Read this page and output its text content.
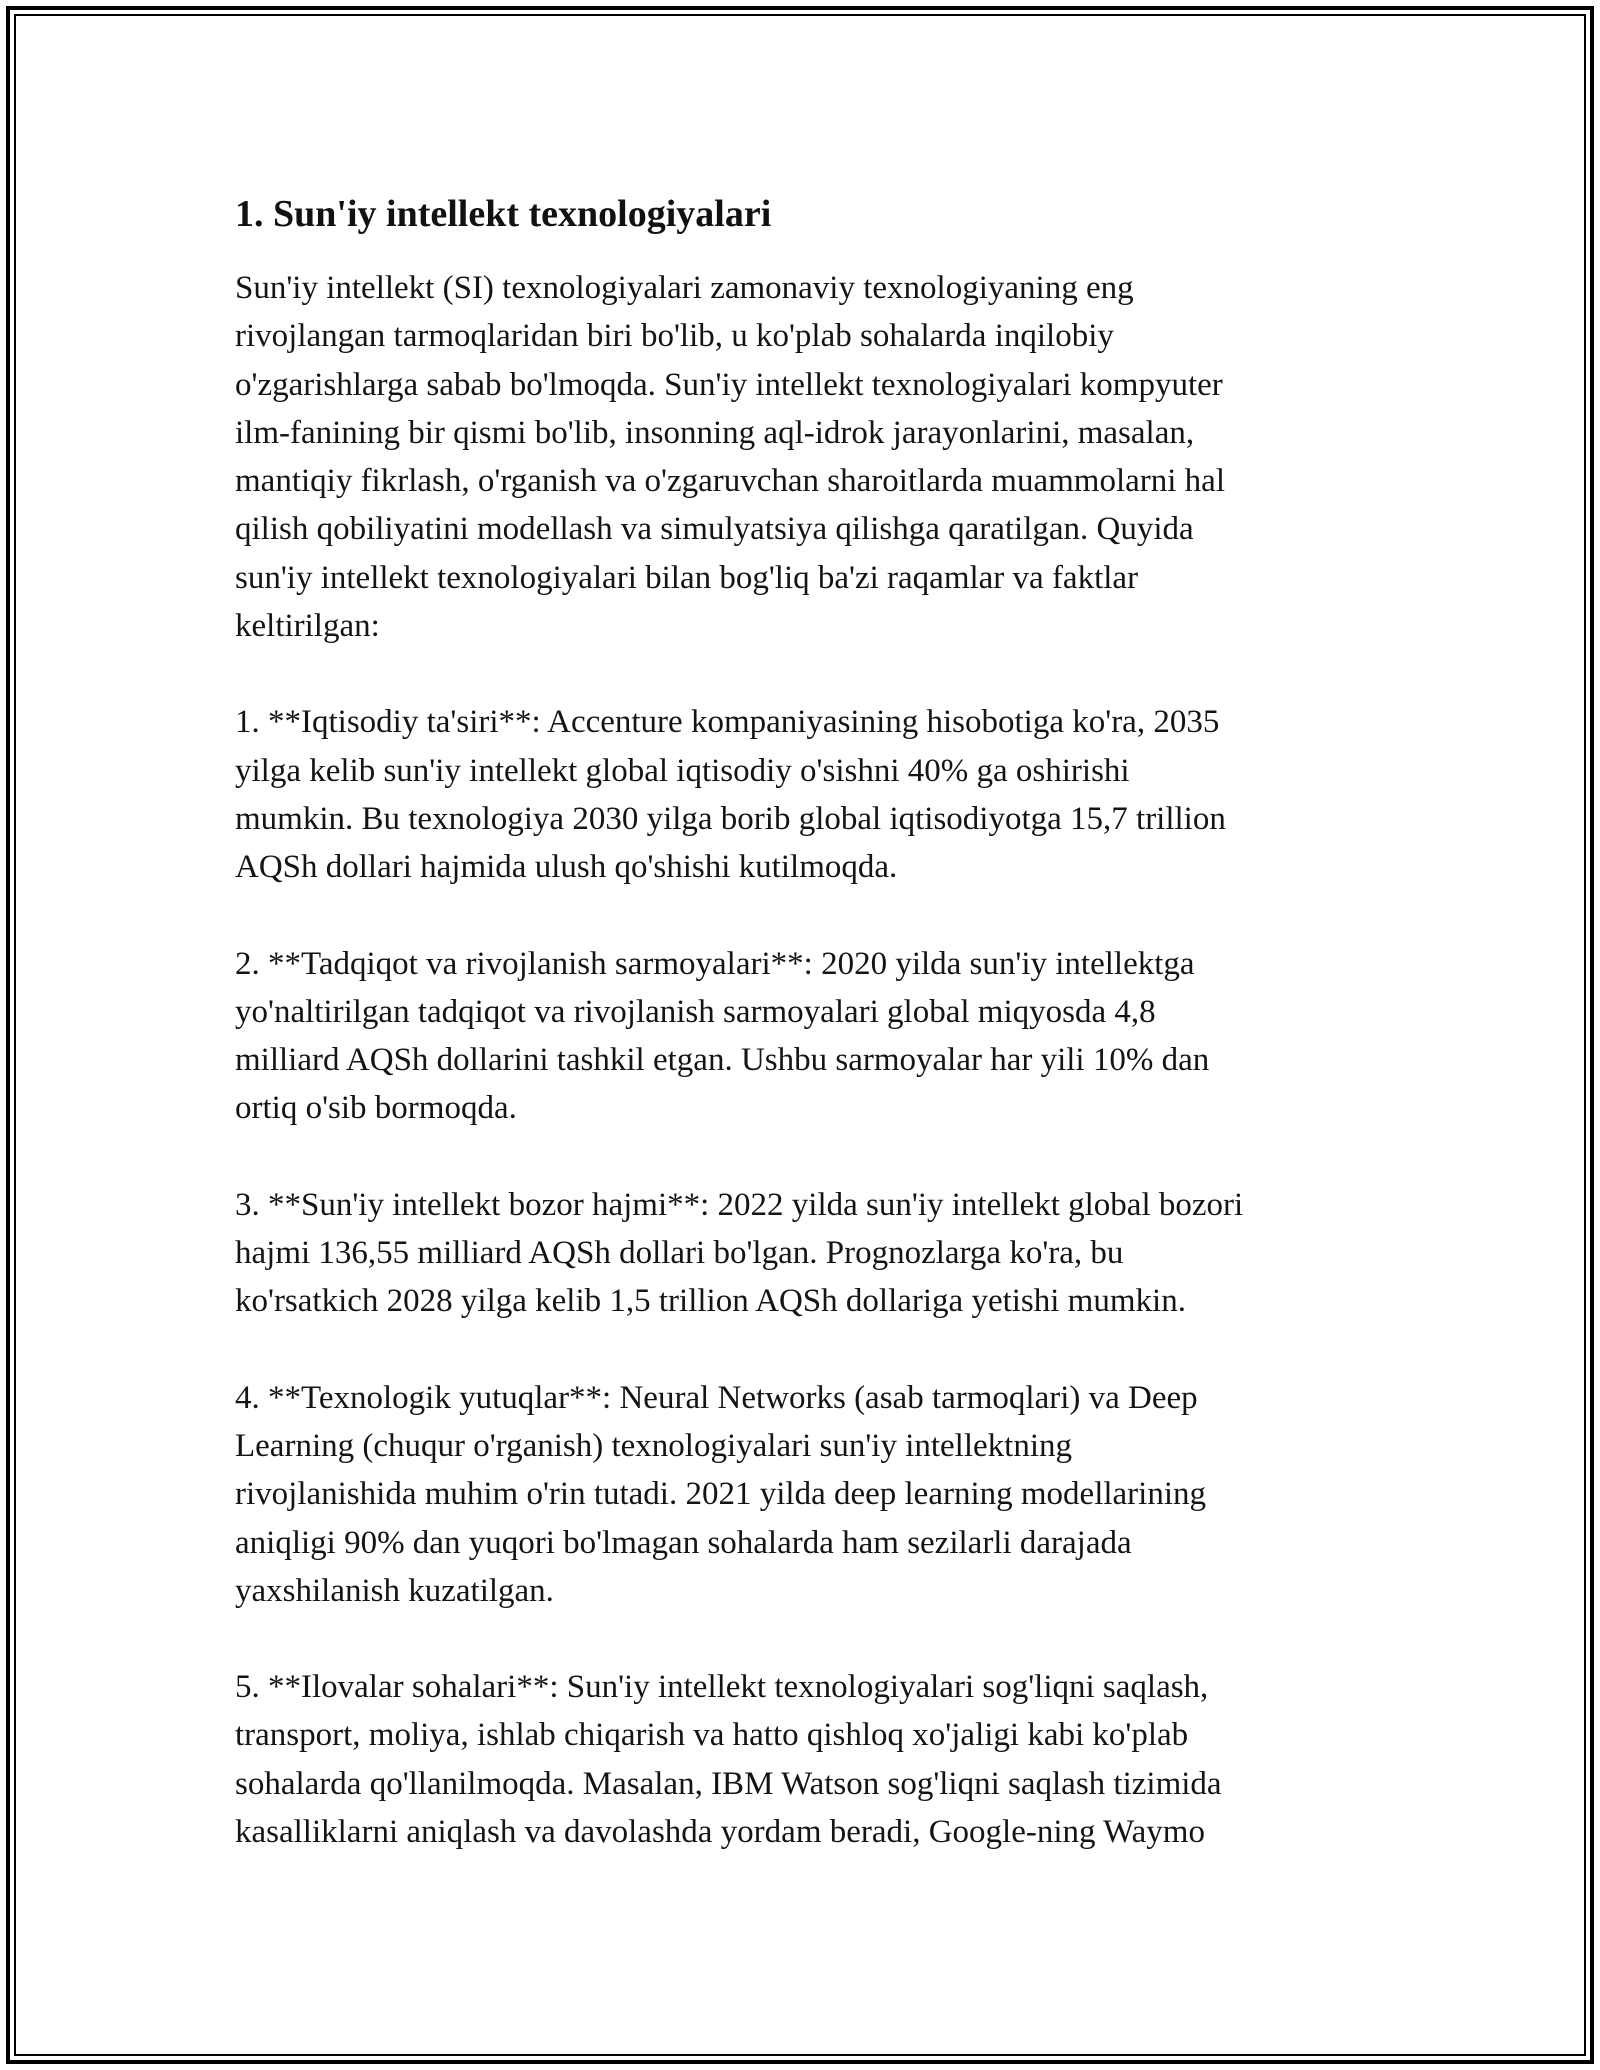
1. Sun'iy intellekt texnologiyalari

Sun'iy intellekt (SI) texnologiyalari zamonaviy texnologiyaning eng
rivojlangan tarmoqlaridan biri bo'lib, u ko'plab sohalarda inqilobiy
o'zgarishlarga sabab bo'lmoqda. Sun'iy intellekt texnologiyalari kompyuter
ilm-fanining bir qismi bo'lib, insonning aql-idrok jarayonlarini, masalan,
mantiqiy fikrlash, o'rganish va o'zgaruvchan sharoitlarda muammolarni hal
qilish qobiliyatini modellash va simulyatsiya qilishga qaratilgan. Quyida
sun'iy intellekt texnologiyalari bilan bog'liq ba'zi raqamlar va faktlar
keltirilgan:

1. **Iqtisodiy ta'siri**: Accenture kompaniyasining hisobotiga ko'ra, 2035
yilga kelib sun'iy intellekt global iqtisodiy o'sishni 40% ga oshirishi
mumkin. Bu texnologiya 2030 yilga borib global iqtisodiyotga 15,7 trillion
AQSh dollari hajmida ulush qo'shishi kutilmoqda.

2. **Tadqiqot va rivojlanish sarmoyalari**: 2020 yilda sun'iy intellektga
yo'naltirilgan tadqiqot va rivojlanish sarmoyalari global miqyosda 4,8
milliard AQSh dollarini tashkil etgan. Ushbu sarmoyalar har yili 10% dan
ortiq o'sib bormoqda.

3. **Sun'iy intellekt bozor hajmi**: 2022 yilda sun'iy intellekt global bozori
hajmi 136,55 milliard AQSh dollari bo'lgan. Prognozlarga ko'ra, bu
ko'rsatkich 2028 yilga kelib 1,5 trillion AQSh dollariga yetishi mumkin.

4. **Texnologik yutuqlar**: Neural Networks (asab tarmoqlari) va Deep
Learning (chuqur o'rganish) texnologiyalari sun'iy intellektning
rivojlanishida muhim o'rin tutadi. 2021 yilda deep learning modellarining
aniqligi 90% dan yuqori bo'lmagan sohalarda ham sezilarli darajada
yaxshilanish kuzatilgan.

5. **Ilovalar sohalari**: Sun'iy intellekt texnologiyalari sog'liqni saqlash,
transport, moliya, ishlab chiqarish va hatto qishloq xo'jaligi kabi ko'plab
sohalarda qo'llanilmoqda. Masalan, IBM Watson sog'liqni saqlash tizimida
kasalliklarni aniqlash va davolashda yordam beradi, Google-ning Waymo
